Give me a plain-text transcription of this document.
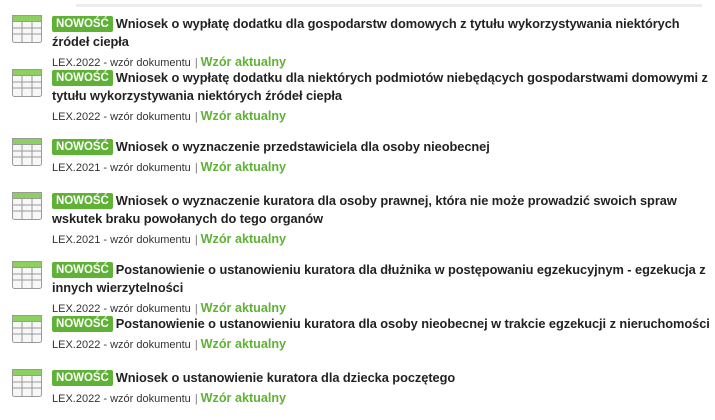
NOWOŚĆ Wniosek o wypłatę dodatku dla gospodarstw domowych z tytułu wykorzystywania niektórych źródeł ciepła
LEX.2022 - wzór dokumentu | Wzór aktualny
NOWOŚĆ Wniosek o wypłatę dodatku dla niektórych podmiotów niebędących gospodarstwami domowymi z tytułu wykorzystywania niektórych źródeł ciepła
LEX.2022 - wzór dokumentu | Wzór aktualny
NOWOŚĆ Wniosek o wyznaczenie przedstawiciela dla osoby nieobecnej
LEX.2021 - wzór dokumentu | Wzór aktualny
NOWOŚĆ Wniosek o wyznaczenie kuratora dla osoby prawnej, która nie może prowadzić swoich spraw wskutek braku powołanych do tego organów
LEX.2021 - wzór dokumentu | Wzór aktualny
NOWOŚĆ Postanowienie o ustanowieniu kuratora dla dłużnika w postępowaniu egzekucyjnym - egzekucja z innych wierzytelności
LEX.2022 - wzór dokumentu | Wzór aktualny
NOWOŚĆ Postanowienie o ustanowieniu kuratora dla osoby nieobecnej w trakcie egzekucji z nieruchomości
LEX.2022 - wzór dokumentu | Wzór aktualny
NOWOŚĆ Wniosek o ustanowienie kuratora dla dziecka poczętego
LEX.2022 - wzór dokumentu | Wzór aktualny
